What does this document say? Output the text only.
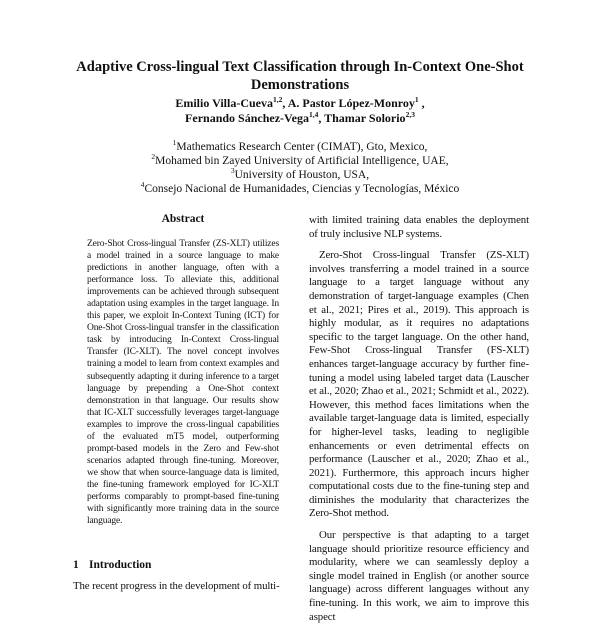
Adaptive Cross-lingual Text Classification through In-Context One-Shot Demonstrations
Emilio Villa-Cueva$^{1,2}$, A. Pastor López-Monroy$^1$ ,
Fernando Sánchez-Vega$^{1,4}$, Thamar Solorio$^{2,3}$
$^1$Mathematics Research Center (CIMAT), Gto, Mexico,
$^2$Mohamed bin Zayed University of Artificial Intelligence, UAE,
$^3$University of Houston, USA,
$^4$Consejo Nacional de Humanidades, Ciencias y Tecnologías, México
Abstract
Zero-Shot Cross-lingual Transfer (ZS-XLT) utilizes a model trained in a source language to make predictions in another language, often with a performance loss. To alleviate this, additional improvements can be achieved through subsequent adaptation using examples in the target language. In this paper, we exploit In-Context Tuning (ICT) for One-Shot Cross-lingual transfer in the classification task by introducing In-Context Cross-lingual Transfer (IC-XLT). The novel concept involves training a model to learn from context examples and subsequently adapting it during inference to a target language by prepending a One-Shot context demonstration in that language. Our results show that IC-XLT successfully leverages target-language examples to improve the cross-lingual capabilities of the evaluated mT5 model, outperforming prompt-based models in the Zero and Few-shot scenarios adapted through fine-tuning. Moreover, we show that when source-language data is limited, the fine-tuning framework employed for IC-XLT performs comparably to prompt-based fine-tuning with significantly more training data in the source language.
1 Introduction
The recent progress in the development of multi-

with limited training data enables the deployment of truly inclusive NLP systems.

Zero-Shot Cross-lingual Transfer (ZS-XLT) involves transferring a model trained in a source language to a target language without any demonstration of target-language examples (Chen et al., 2021; Pires et al., 2019). This approach is highly modular, as it requires no adaptations specific to the target language. On the other hand, Few-Shot Cross-lingual Transfer (FS-XLT) enhances target-language accuracy by further fine-tuning a model using labeled target data (Lauscher et al., 2020; Zhao et al., 2021; Schmidt et al., 2022). However, this method faces limitations when the available target-language data is limited, especially for higher-level tasks, leading to negligible enhancements or even detrimental effects on performance (Lauscher et al., 2020; Zhao et al., 2021). Furthermore, this approach incurs higher computational costs due to the fine-tuning step and diminishes the modularity that characterizes the Zero-Shot method.

Our perspective is that adapting to a target language should prioritize resource efficiency and modularity, where we can seamlessly deploy a single model trained in English (or another source language) across different languages without any fine-tuning. In this work, we aim to improve this aspect
